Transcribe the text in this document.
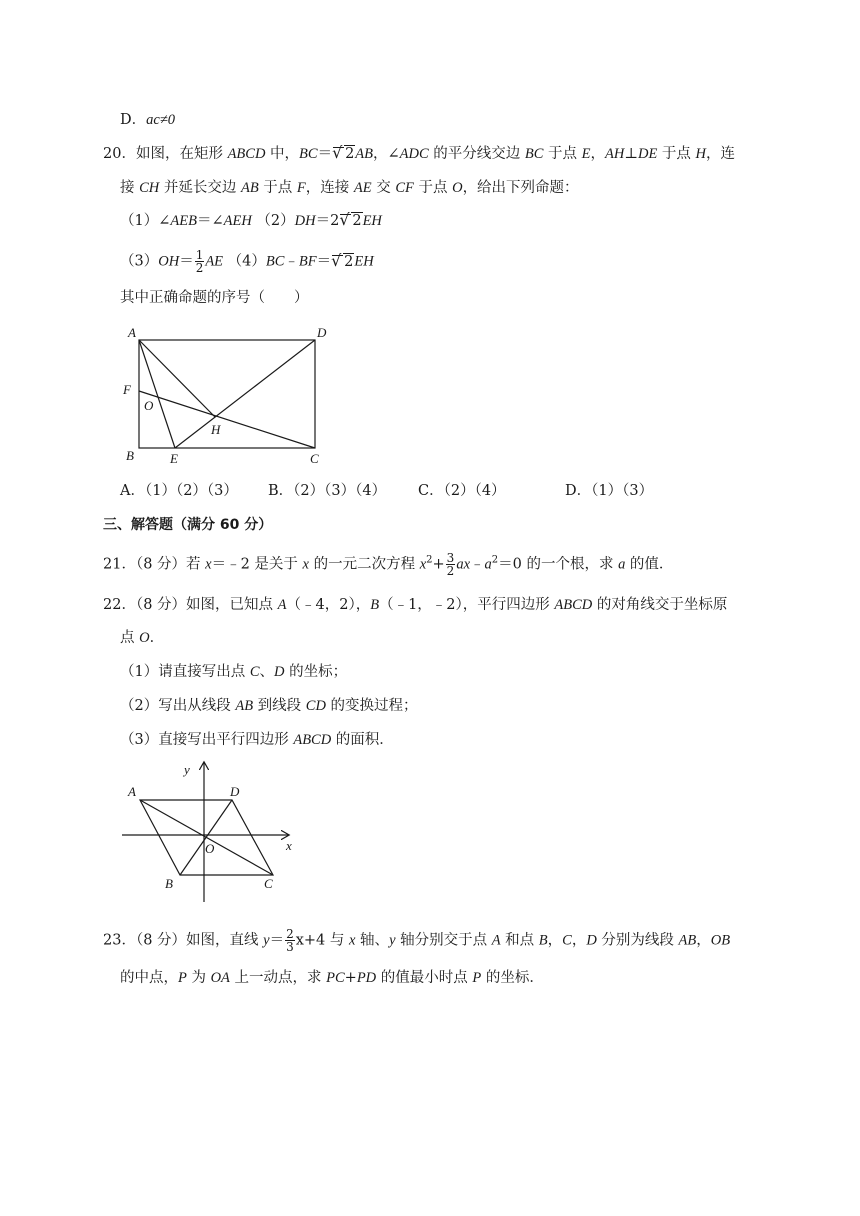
D．ac≠0
20．如图，在矩形 ABCD 中，BC＝ √ 2AB，∠ADC 的平分线交边 BC 于点 E，AH⊥DE 于点 H，连
接 CH 并延长交边 AB 于点 F，连接 AE 交 CF 于点 O，给出下列命题：
（1）∠AEB＝∠AEH （2）DH＝2 √ 2EH
$(3)OH= \frac{1}{2}$ AE （4）BC﹣BF＝ √ 2EH
其中正确命题的序号（　　）
A	D
F
O
H
B	E	C
A．（1）（2）（3） B．（2）（3）（4） C．（2）（4）	D．（1）（3）
三、解答题（满分 60 分）
21．（8 分）若 x＝﹣2 是关于 x 的一元二次方程 $x^2+ \frac{3}{2}$ $ax﹣a^2=0$ 的一个根，求 a 的值．
22．（8 分）如图，已知点 A（﹣4，2），B（﹣1，﹣2），平行四边形 ABCD 的对角线交于坐标原
点 O．
（1）请直接写出点 C、D 的坐标；
（2）写出从线段 AB 到线段 CD 的变换过程；
（3）直接写出平行四边形 ABCD 的面积．
y
A	D
O	x
B	C
23．（8 分）如图，直线 $y= \frac{2}{3} x+4$ 与 x 轴、y 轴分别交于点 A 和点 B，C，D 分别为线段 AB，OB
的中点，P 为 OA 上一动点，求 PC+PD 的值最小时点 P 的坐标．
